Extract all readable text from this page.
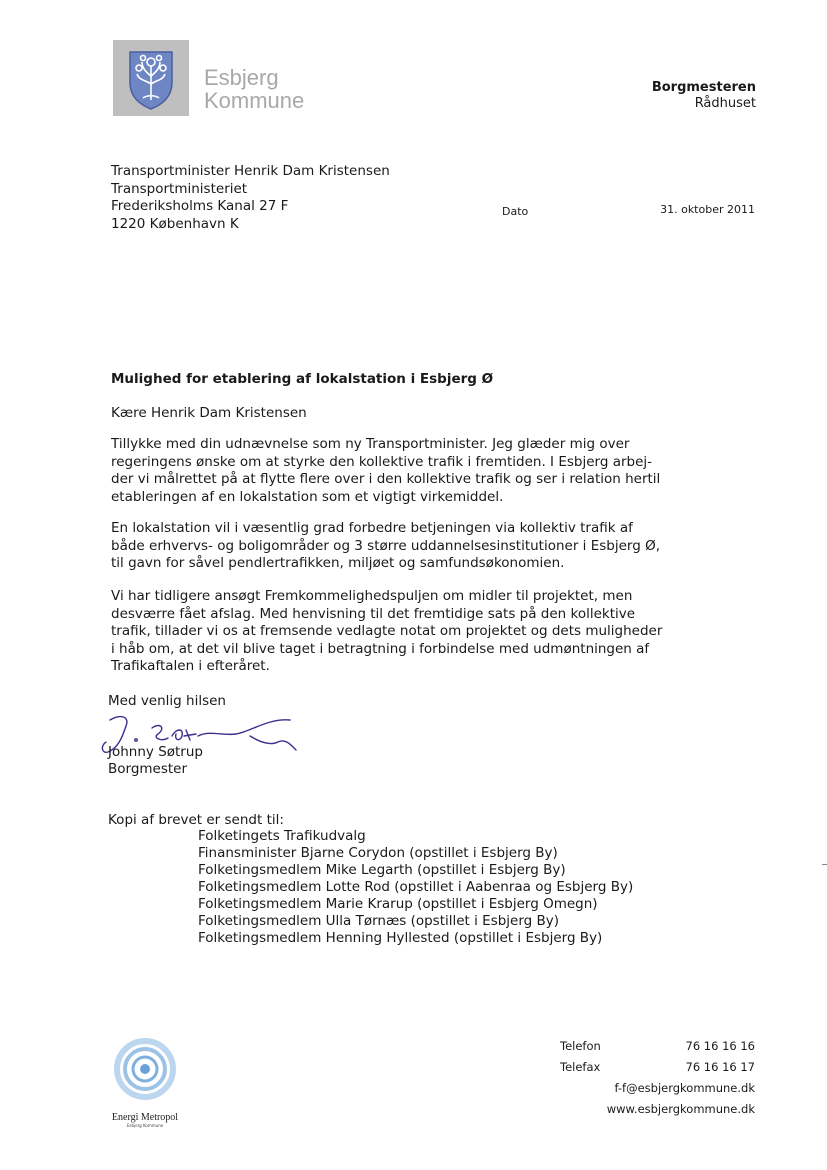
Esbjerg
Kommune
Borgmesteren
Rådhuset
Transportminister Henrik Dam Kristensen
Transportministeriet
Frederiksholms Kanal 27 F
1220 København K
Dato	31. oktober 2011
Mulighed for etablering af lokalstation i Esbjerg Ø
Kære Henrik Dam Kristensen
Tillykke med din udnævnelse som ny Transportminister. Jeg glæder mig over
regeringens ønske om at styrke den kollektive trafik i fremtiden. I Esbjerg arbej-
der vi målrettet på at flytte flere over i den kollektive trafik og ser i relation hertil
etableringen af en lokalstation som et vigtigt virkemiddel.
En lokalstation vil i væsentlig grad forbedre betjeningen via kollektiv trafik af
både erhvervs- og boligområder og 3 større uddannelsesinstitutioner i Esbjerg Ø,
til gavn for såvel pendlertrafikken, miljøet og samfundsøkonomien.
Vi har tidligere ansøgt Fremkommelighedspuljen om midler til projektet, men
desværre fået afslag. Med henvisning til det fremtidige sats på den kollektive
trafik, tillader vi os at fremsende vedlagte notat om projektet og dets muligheder
i håb om, at det vil blive taget i betragtning i forbindelse med udmøntningen af
Trafikaftalen i efteråret.
Med venlig hilsen
Johnny Søtrup
Borgmester
Kopi af brevet er sendt til:
Folketingets Trafikudvalg
Finansminister Bjarne Corydon (opstillet i Esbjerg By)
Folketingsmedlem Mike Legarth (opstillet i Esbjerg By)
Folketingsmedlem Lotte Rod (opstillet i Aabenraa og Esbjerg By)
Folketingsmedlem Marie Krarup (opstillet i Esbjerg Omegn)
Folketingsmedlem Ulla Tørnæs (opstillet i Esbjerg By)
Folketingsmedlem Henning Hyllested (opstillet i Esbjerg By)
Energi Metropol
Esbjerg Kommune
Telefon	76 16 16 16
Telefax	76 16 16 17
f-f@esbjergkommune.dk
www.esbjergkommune.dk
